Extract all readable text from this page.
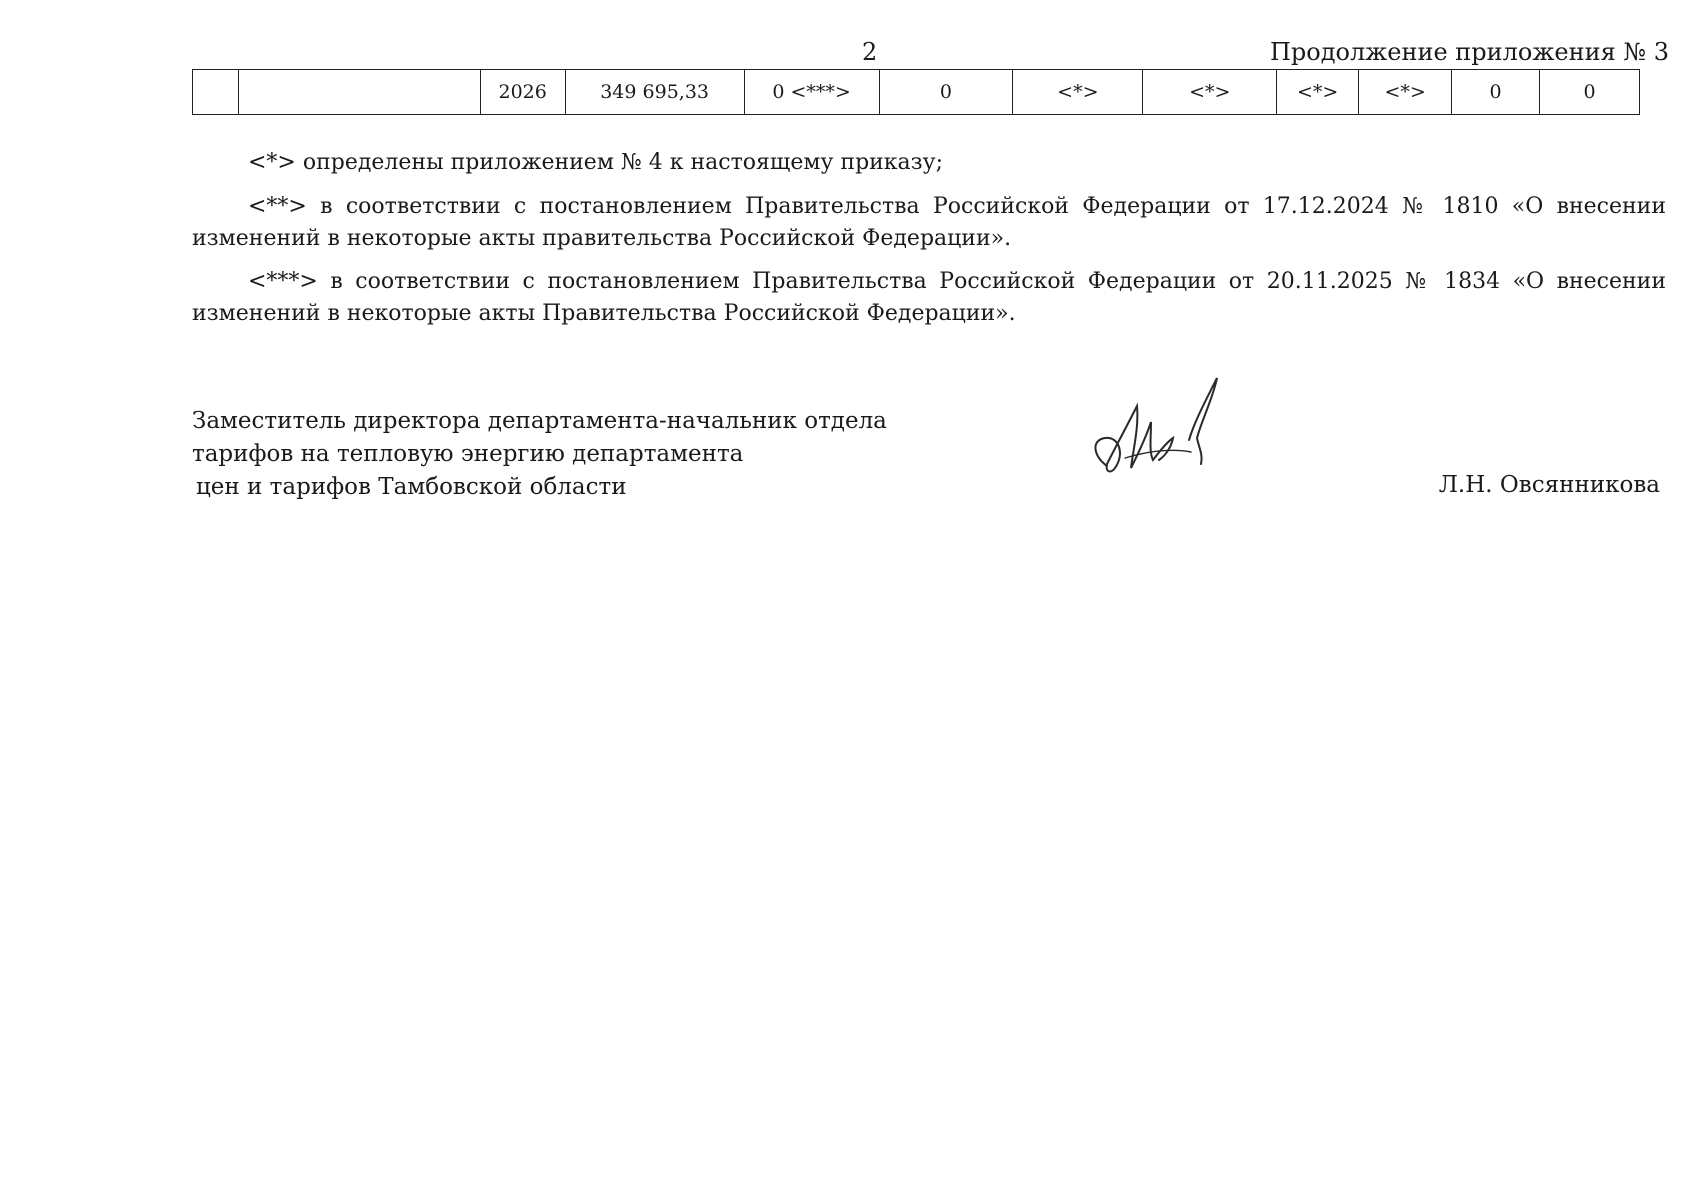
2	Продолжение приложения № 3
		2026	349 695,33	0 <***>	0	<*>	<*>	<*>	<*>	0	0
<*> определены приложением № 4 к настоящему приказу;
<**> в соответствии с постановлением Правительства Российской Федерации от 17.12.2024 № 1810 «О внесении изменений в некоторые акты правительства Российской Федерации».
<***> в соответствии с постановлением Правительства Российской Федерации от 20.11.2025 № 1834 «О внесении изменений в некоторые акты Правительства Российской Федерации».
Заместитель директора департамента-начальник отдела
тарифов на тепловую энергию департамента
цен и тарифов Тамбовской области	Л.Н. Овсянникова
